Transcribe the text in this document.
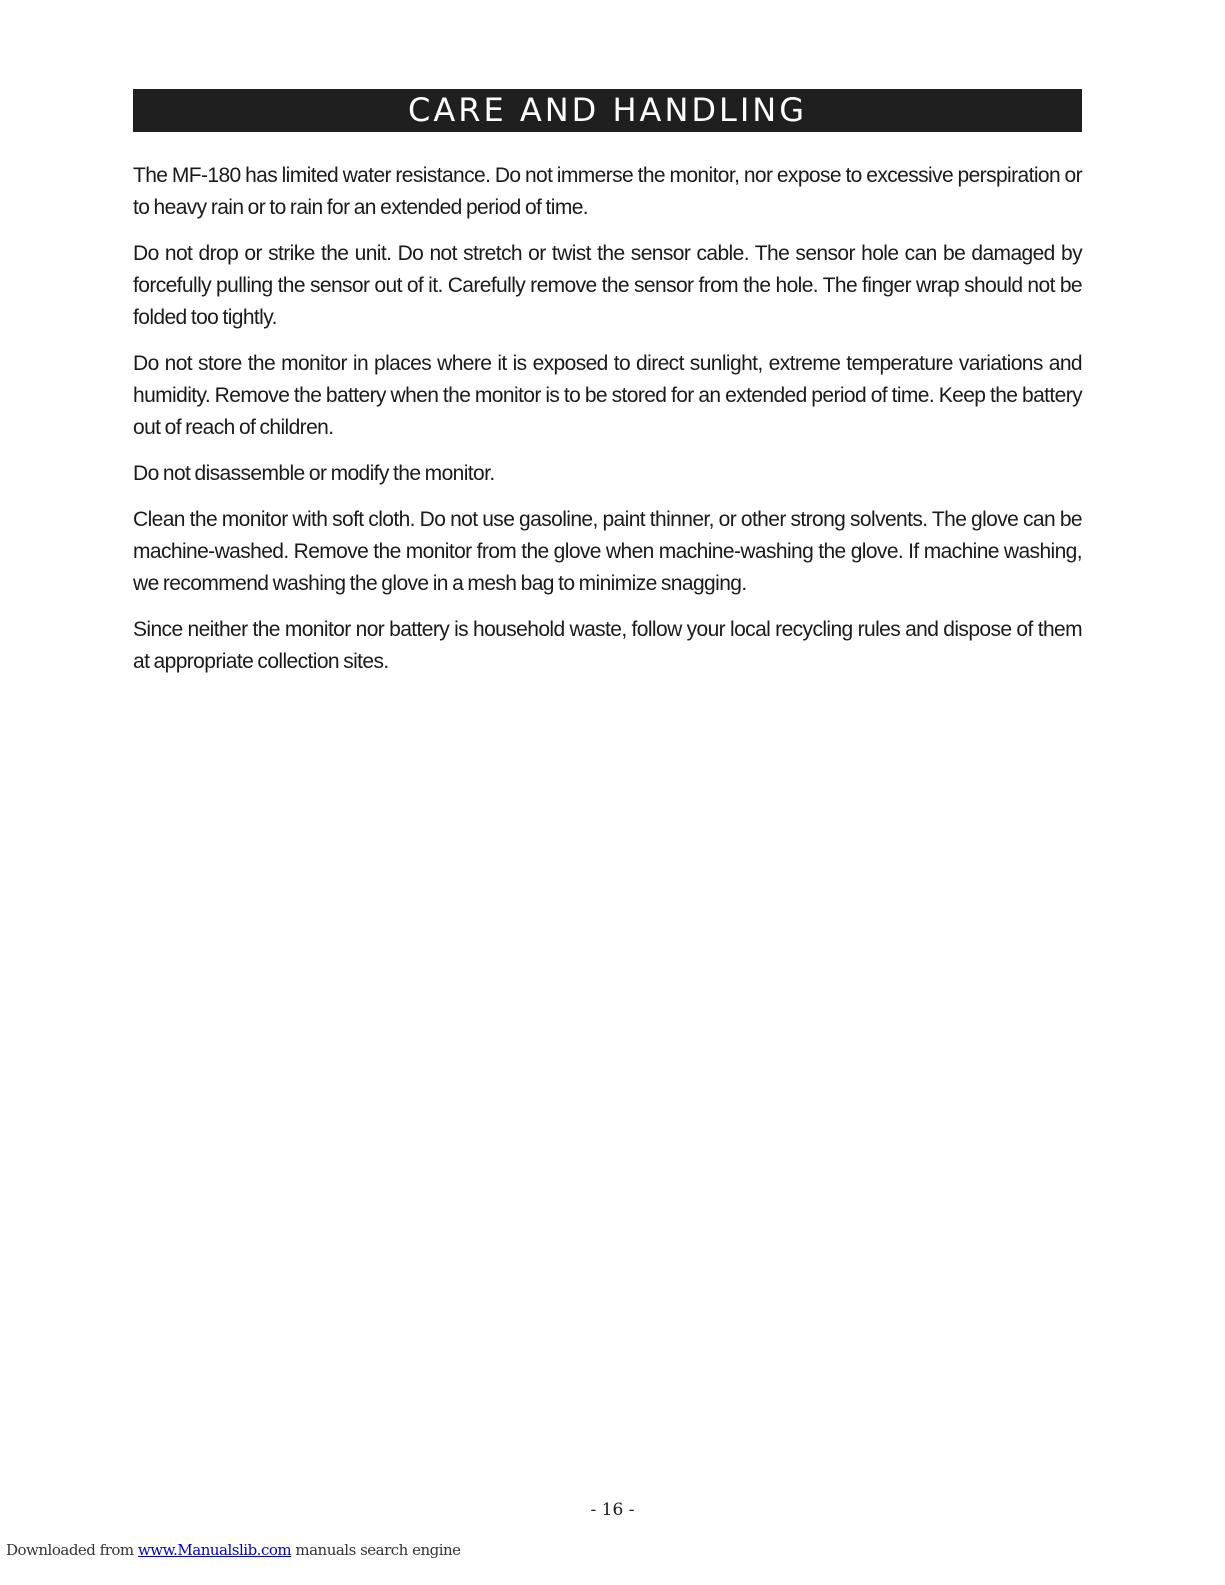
CARE AND HANDLING

The MF-180 has limited water resistance. Do not immerse the monitor, nor expose to excessive perspiration or to heavy rain or to rain for an extended period of time.

Do not drop or strike the unit. Do not stretch or twist the sensor cable. The sensor hole can be damaged by forcefully pulling the sensor out of it. Carefully remove the sensor from the hole. The finger wrap should not be folded too tightly.

Do not store the monitor in places where it is exposed to direct sunlight, extreme temperature variations and humidity. Remove the battery when the monitor is to be stored for an extended period of time. Keep the battery out of reach of children.

Do not disassemble or modify the monitor.

Clean the monitor with soft cloth. Do not use gasoline, paint thinner, or other strong solvents. The glove can be machine-washed. Remove the monitor from the glove when machine-washing the glove. If machine washing, we recommend washing the glove in a mesh bag to minimize snagging.

Since neither the monitor nor battery is household waste, follow your local recycling rules and dispose of them at appropriate collection sites.

- 16 -
Downloaded from www.Manualslib.com manuals search engine
